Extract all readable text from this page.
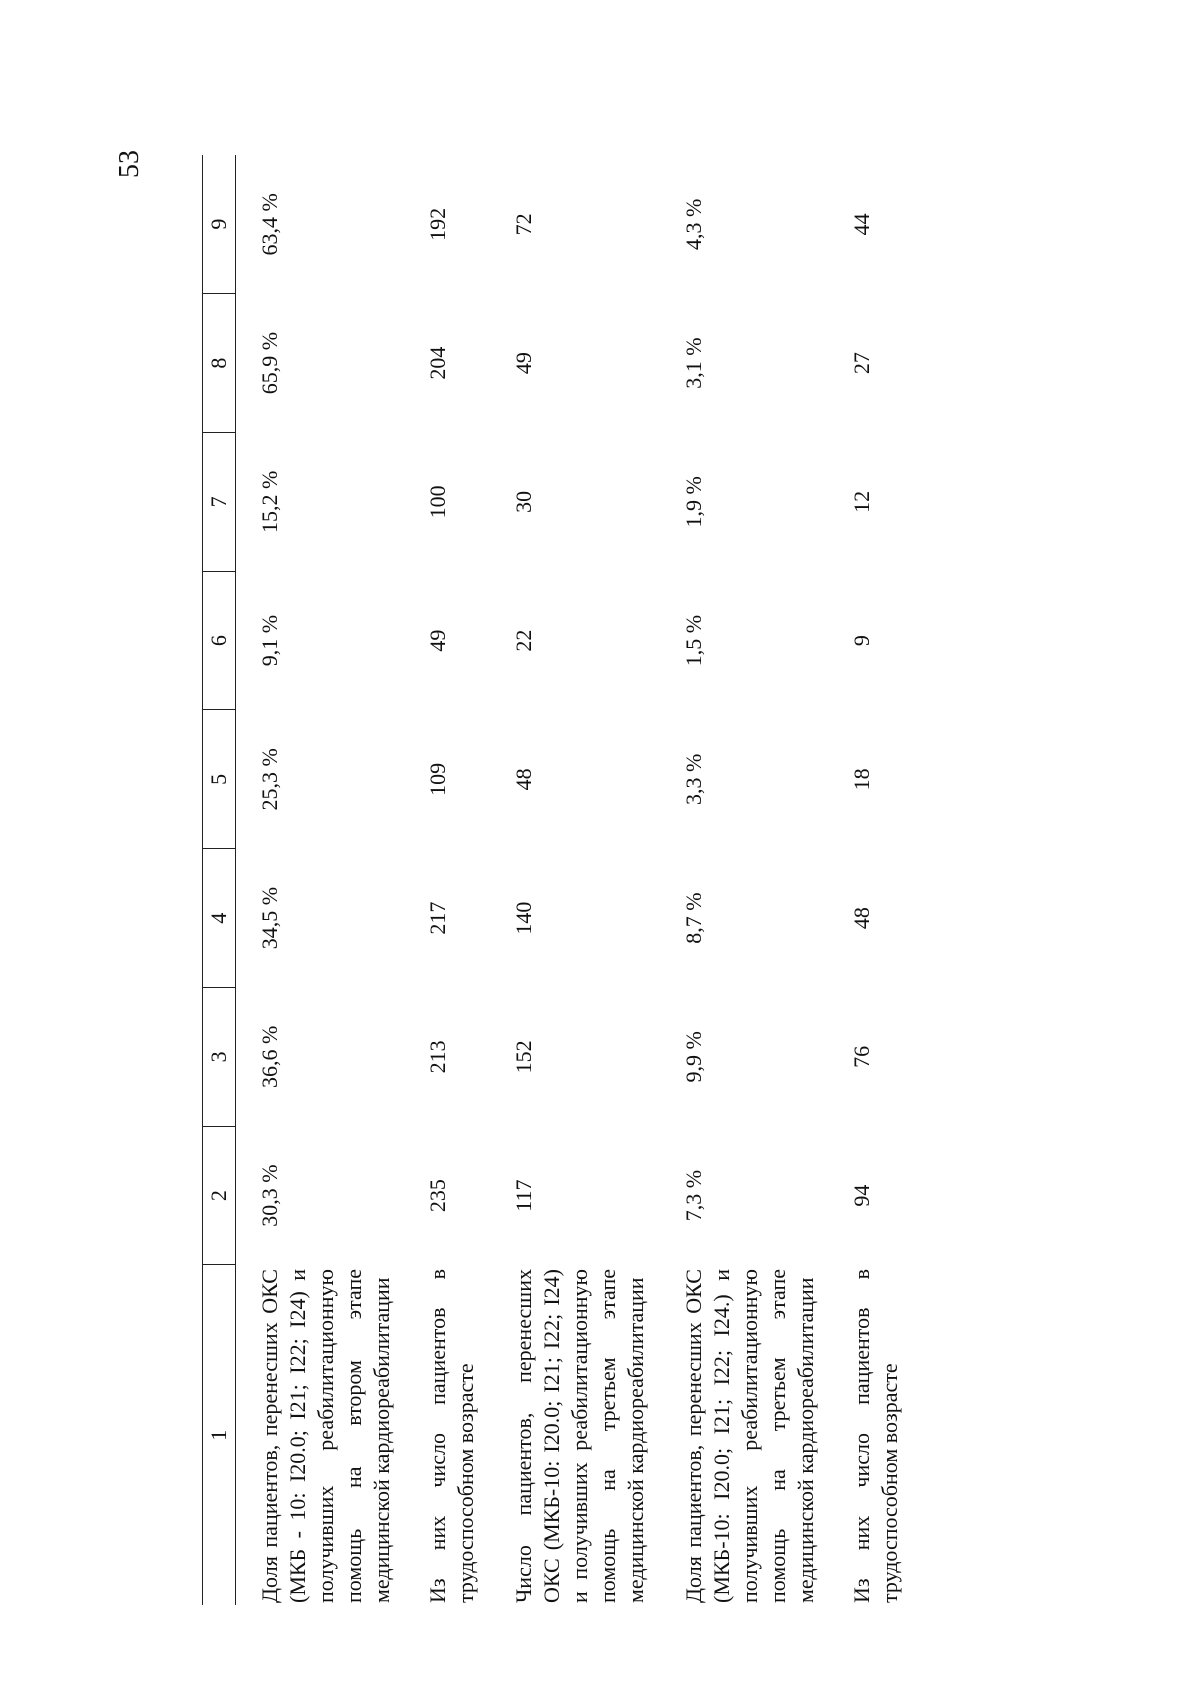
53
1	2	3	4	5	6	7	8	9
Доля пациентов, перенесших ОКС (МКБ - 10: I20.0; I21; I22; I24) и получивших реабилитационную помощь на втором этапе медицинской кардиореабилитации	30,3 %	36,6 %	34,5 %	25,3 %	9,1 %	15,2 %	65,9 %	63,4 %
Из них число пациентов в трудоспособном возрасте	235	213	217	109	49	100	204	192
Число пациентов, перенесших ОКС (МКБ-10: I20.0; I21; I22; I24) и получивших реабилитационную помощь на третьем этапе медицинской кардиореабилитации	117	152	140	48	22	30	49	72
Доля пациентов, перенесших ОКС (МКБ-10: I20.0; I21; I22; I24.) и получивших реабилитационную помощь на третьем этапе медицинской кардиореабилитации	7,3 %	9,9 %	8,7 %	3,3 %	1,5 %	1,9 %	3,1 %	4,3 %
Из них число пациентов в трудоспособном возрасте	94	76	48	18	9	12	27	44
